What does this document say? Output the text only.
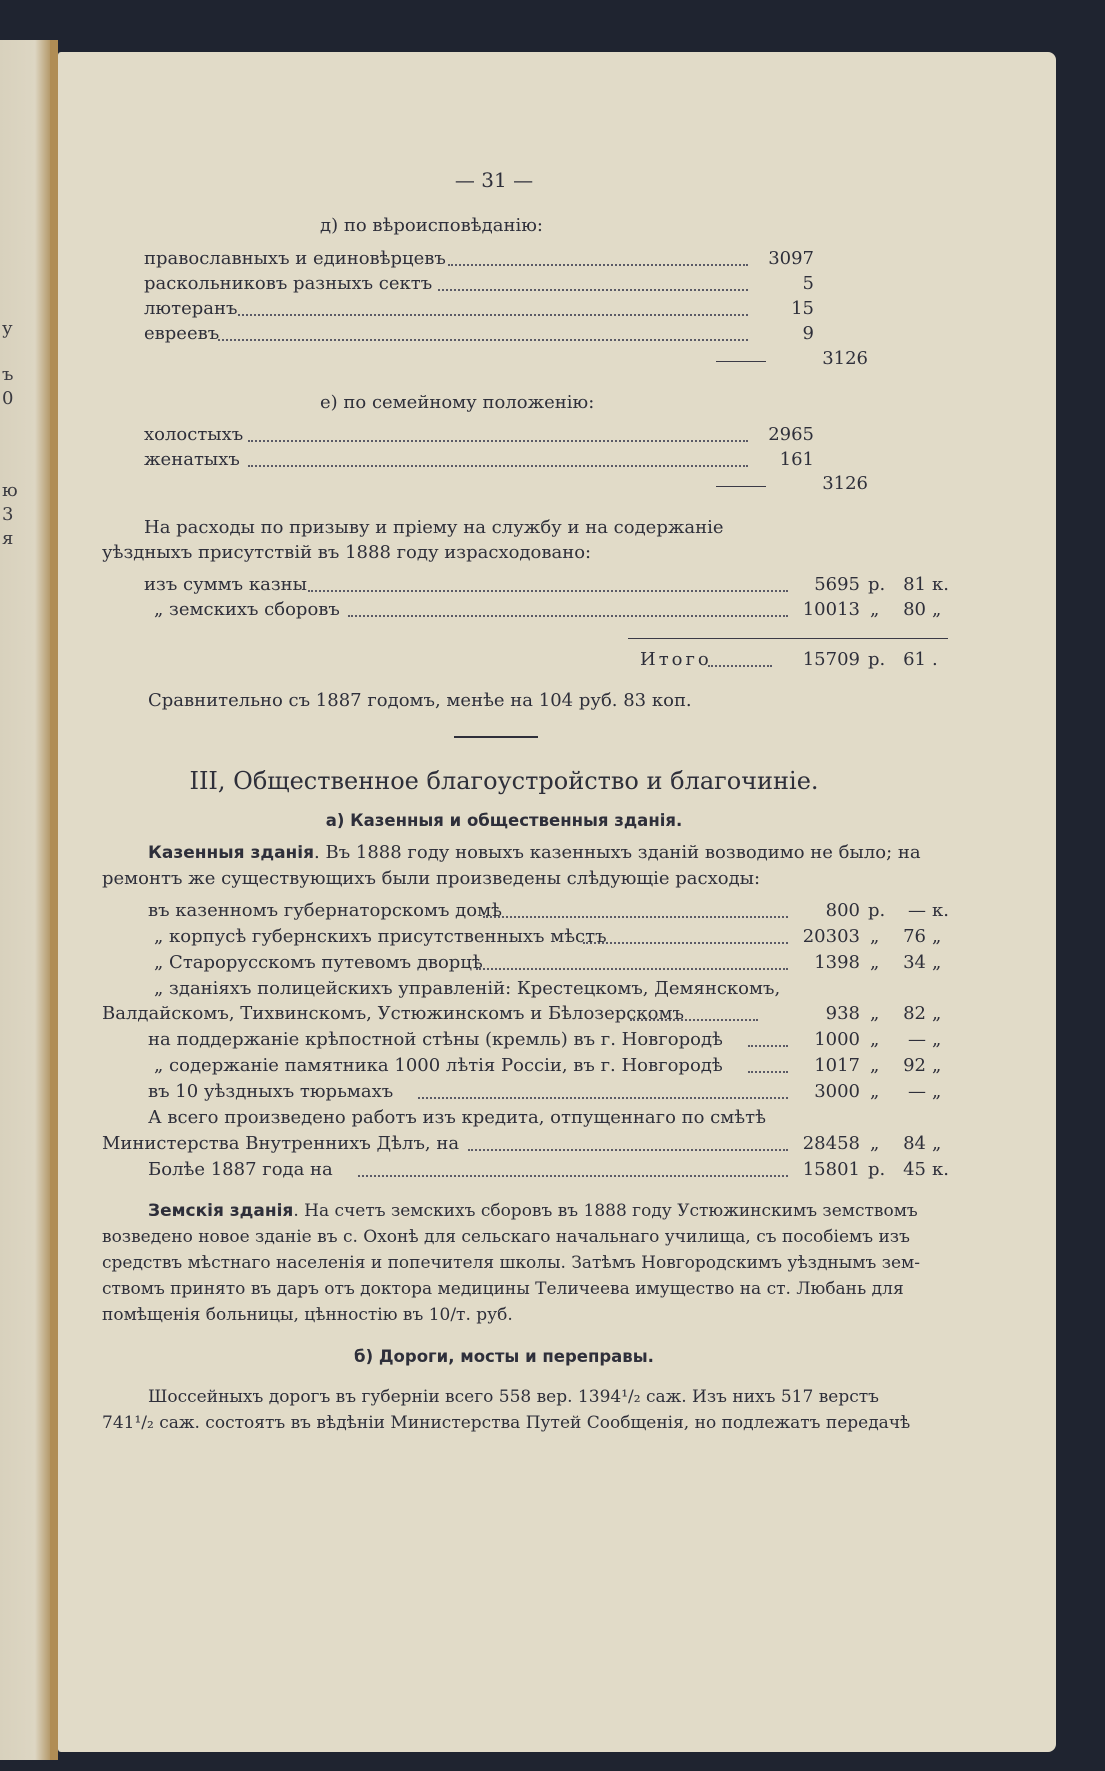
у
ъ
0
ю
3
я
— 31 —
д) по вѣроисповѣданію:
православныхъ и единовѣрцевъ	3097
раскольниковъ разныхъ сектъ	5
лютеранъ	15
евреевъ	9
3126
е) по семейному положенію:
холостыхъ	2965
женатыхъ	161
3126
На расходы по призыву и пріему на службу и на содержаніе
уѣздныхъ присутствій въ 1888 году израсходовано:
изъ суммъ казны	5695 р. 81 к.
„ земскихъ сборовъ	10013 „	80 „
Итого	15709 р. 61 .
Сравнительно съ 1887 годомъ, менѣе на 104 руб. 83 коп.
III, Общественное благоустройство и благочиніе.
а) Казенныя и общественныя зданія.
Казенныя зданія. Въ 1888 году новыхъ казенныхъ зданій возводимо не было; на
ремонтъ же существующихъ были произведены слѣдующіе расходы:
въ казенномъ губернаторскомъ домѣ	800 р.	— к.
„ корпусѣ губернскихъ присутственныхъ мѣстъ	20303 „	76 „
„ Старорусскомъ путевомъ дворцѣ	1398 „	34 „
„ зданіяхъ полицейскихъ управленій: Крестецкомъ, Демянскомъ,
Валдайскомъ, Тихвинскомъ, Устюжинскомъ и Бѣлозерскомъ	938 „	82 „
на поддержаніе крѣпостной стѣны (кремль) въ г. Новгородѣ	1000 „	— „
„ содержаніе памятника 1000 лѣтія Россіи, въ г. Новгородѣ	1017 „	92 „
въ 10 уѣздныхъ тюрьмахъ	3000 „	— „
А всего произведено работъ изъ кредита, отпущеннаго по смѣтѣ
Министерства Внутреннихъ Дѣлъ, на	28458 „	84 „
Болѣе 1887 года на	15801 р. 45 к.
Земскія зданія. На счетъ земскихъ сборовъ въ 1888 году Устюжинскимъ земствомъ
возведено новое зданіе въ с. Охонѣ для сельскаго начальнаго училища, съ пособіемъ изъ
средствъ мѣстнаго населенія и попечителя школы. Затѣмъ Новгородскимъ уѣзднымъ зем-
ствомъ принято въ даръ отъ доктора медицины Теличеева имущество на ст. Любань для
помѣщенія больницы, цѣнностію въ 10/т. руб.
б) Дороги, мосты и переправы.
Шоссейныхъ дорогъ въ губерніи всего 558 вер. 1394¹/₂ саж. Изъ нихъ 517 верстъ
741¹/₂ саж. состоятъ въ вѣдѣніи Министерства Путей Сообщенія, но подлежатъ передачѣ
